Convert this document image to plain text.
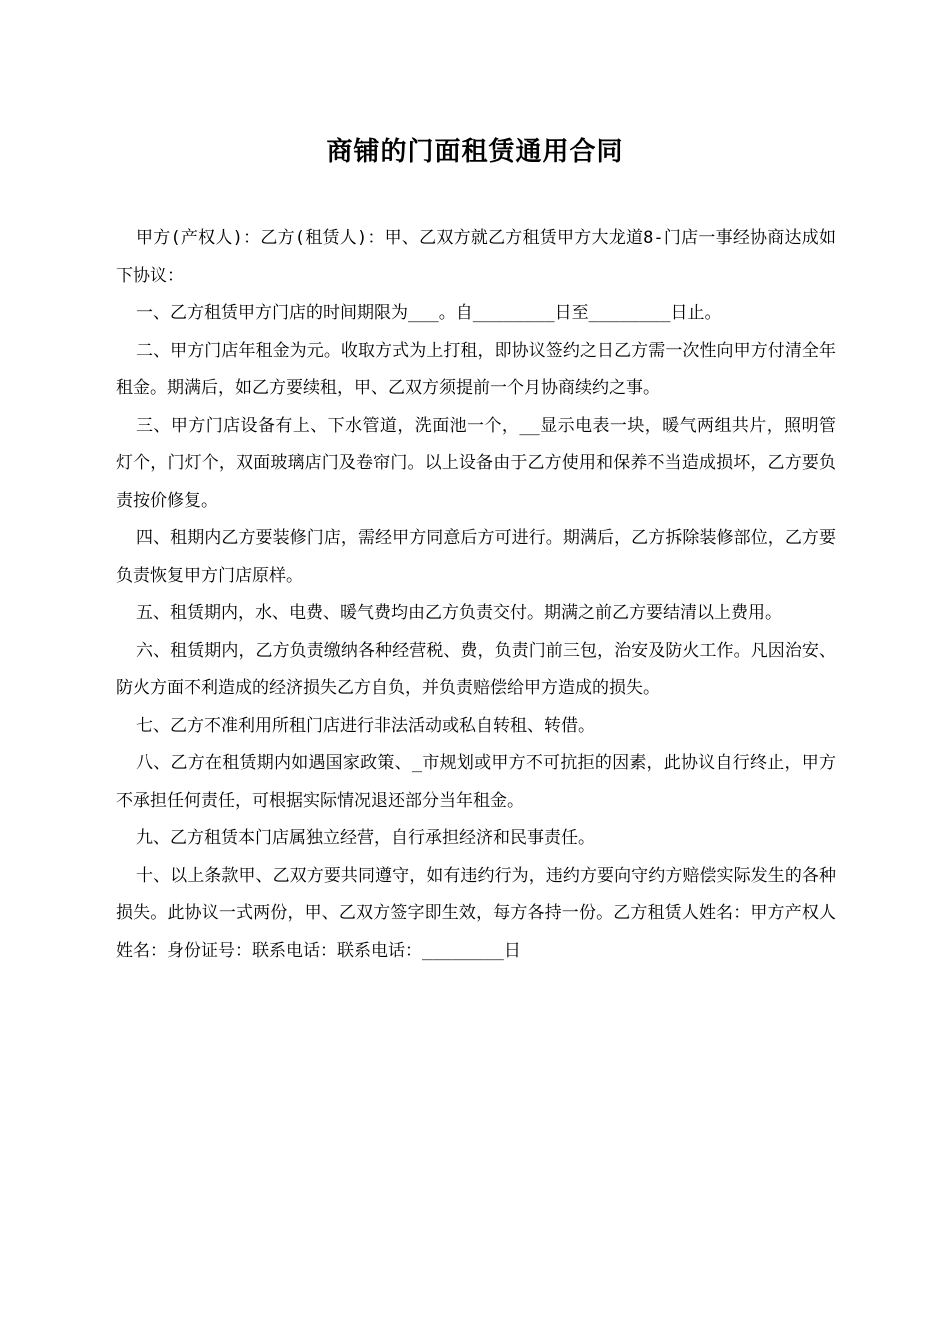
商铺的门面租赁通用合同

甲方(产权人)：乙方(租赁人)：甲、乙双方就乙方租赁甲方大龙道8-门店一事经协商达成如下协议：

一、乙方租赁甲方门店的时间期限为___。自________日至________日止。

二、甲方门店年租金为元。收取方式为上打租，即协议签约之日乙方需一次性向甲方付清全年租金。期满后，如乙方要续租，甲、乙双方须提前一个月协商续约之事。

三、甲方门店设备有上、下水管道，洗面池一个，__显示电表一块，暖气两组共片，照明管灯个，门灯个，双面玻璃店门及卷帘门。以上设备由于乙方使用和保养不当造成损坏，乙方要负责按价修复。

四、租期内乙方要装修门店，需经甲方同意后方可进行。期满后，乙方拆除装修部位，乙方要负责恢复甲方门店原样。

五、租赁期内，水、电费、暖气费均由乙方负责交付。期满之前乙方要结清以上费用。

六、租赁期内，乙方负责缴纳各种经营税、费，负责门前三包，治安及防火工作。凡因治安、防火方面不利造成的经济损失乙方自负，并负责赔偿给甲方造成的损失。

七、乙方不准利用所租门店进行非法活动或私自转租、转借。

八、乙方在租赁期内如遇国家政策、_市规划或甲方不可抗拒的因素，此协议自行终止，甲方不承担任何责任，可根据实际情况退还部分当年租金。

九、乙方租赁本门店属独立经营，自行承担经济和民事责任。

十、以上条款甲、乙双方要共同遵守，如有违约行为，违约方要向守约方赔偿实际发生的各种损失。此协议一式两份，甲、乙双方签字即生效，每方各持一份。乙方租赁人姓名：甲方产权人姓名：身份证号：联系电话：联系电话：________日
